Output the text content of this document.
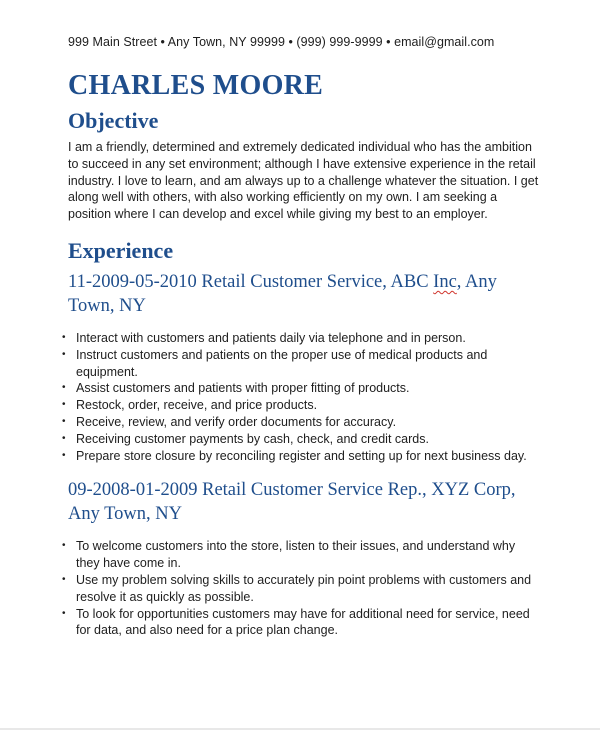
999 Main Street • Any Town, NY 99999 • (999) 999-9999 • email@gmail.com

CHARLES MOORE
Objective

I am a friendly, determined and extremely dedicated individual who has the ambition to succeed in any set environment; although I have extensive experience in the retail industry. I love to learn, and am always up to a challenge whatever the situation. I get along well with others, with also working efficiently on my own. I am seeking a position where I can develop and excel while giving my best to an employer.

Experience
11-2009-05-2010 Retail Customer Service, ABC Inc, Any Town, NY
• Interact with customers and patients daily via telephone and in person.
• Instruct customers and patients on the proper use of medical products and equipment.
• Assist customers and patients with proper fitting of products.
• Restock, order, receive, and price products.
• Receive, review, and verify order documents for accuracy.
• Receiving customer payments by cash, check, and credit cards.
• Prepare store closure by reconciling register and setting up for next business day.
09-2008-01-2009 Retail Customer Service Rep., XYZ Corp, Any Town, NY
• To welcome customers into the store, listen to their issues, and understand why they have come in.
• Use my problem solving skills to accurately pin point problems with customers and resolve it as quickly as possible.
• To look for opportunities customers may have for additional need for service, need for data, and also need for a price plan change.
